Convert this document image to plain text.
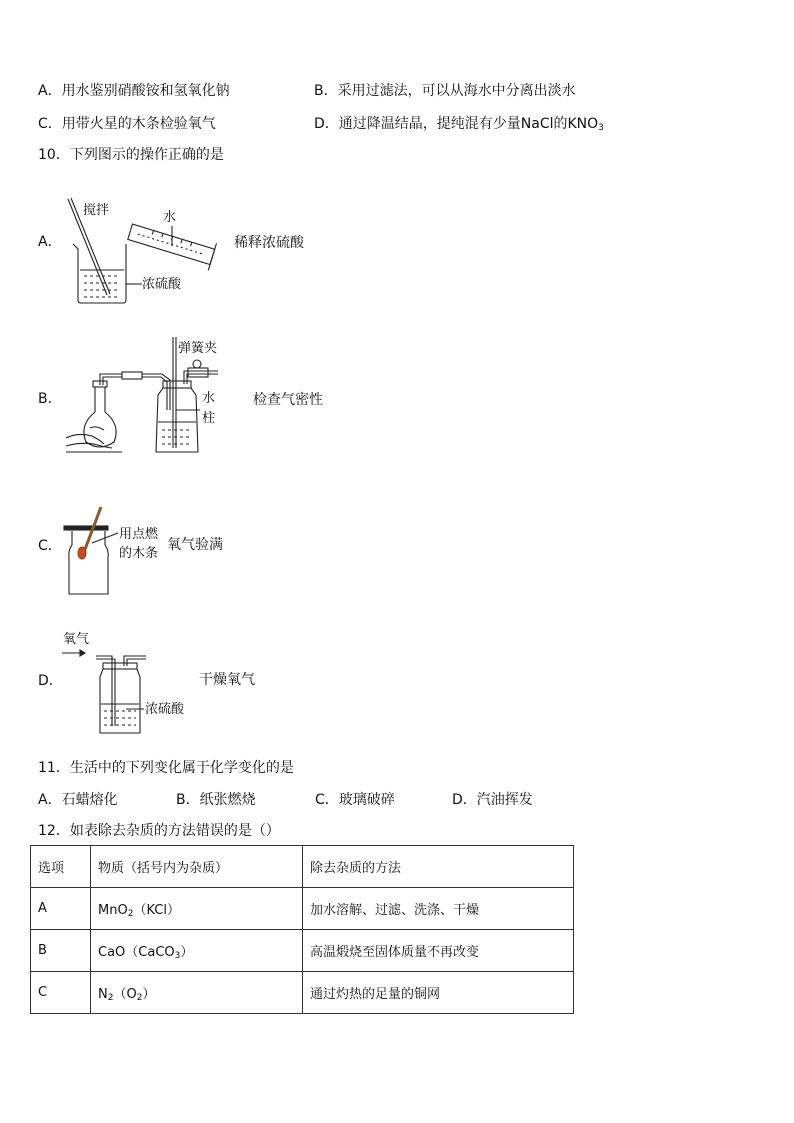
A．用水鉴别硝酸铵和氢氧化钠	B．采用过滤法，可以从海水中分离出淡水
C．用带火星的木条检验氧气	D．通过降温结晶，提纯混有少量NaCl的$KNO_3$
10．下列图示的操作正确的是
A．
搅拌	水
浓硫酸
稀释浓硫酸
B．
弹簧夹
水
柱
检查气密性
C．
用点燃
的木条
氧气验满
D．
氧气
浓硫酸
干燥氧气
11．生活中的下列变化属于化学变化的是
A．石蜡熔化	B．纸张燃烧	C．玻璃破碎	D．汽油挥发
12．如表除去杂质的方法错误的是（）
选项	物质（括号内为杂质）	除去杂质的方法
A	MnO$_2$（KCl）	加水溶解、过滤、洗涤、干燥
B	CaO（CaCO$_3$）	高温煅烧至固体质量不再改变
C	$N_2(O_2)$	通过灼热的足量的铜网
